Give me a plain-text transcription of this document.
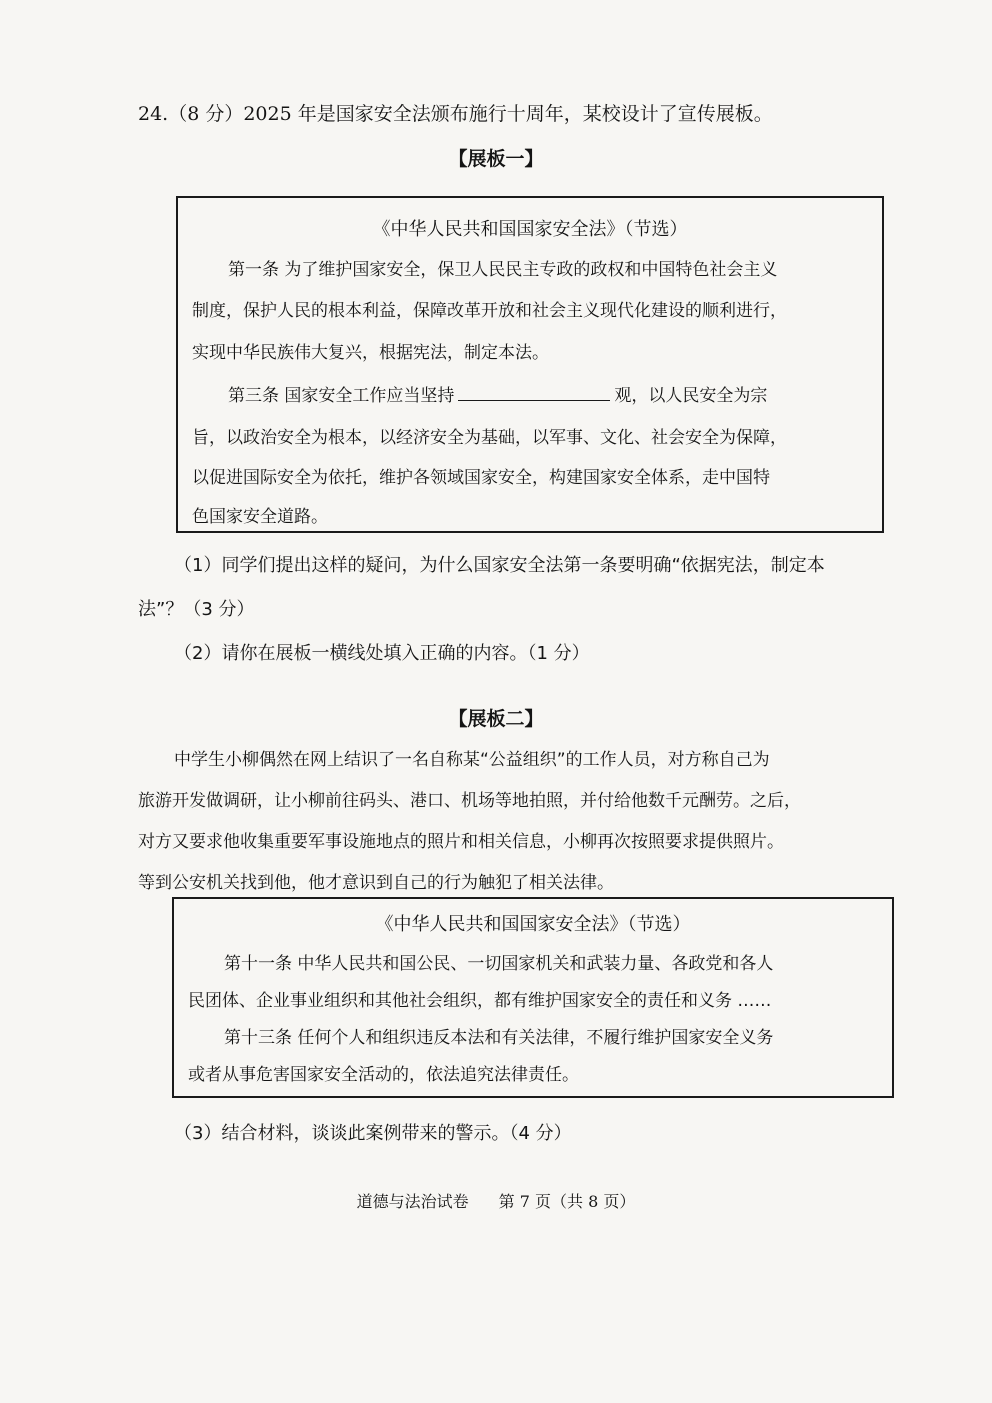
24.（8 分）2025 年是国家安全法颁布施行十周年，某校设计了宣传展板。
【展板一】
《中华人民共和国国家安全法》（节选）
第一条 为了维护国家安全，保卫人民民主专政的政权和中国特色社会主义
制度，保护人民的根本利益，保障改革开放和社会主义现代化建设的顺利进行，
实现中华民族伟大复兴，根据宪法，制定本法。
第三条 国家安全工作应当坚持	观，以人民安全为宗
旨，以政治安全为根本，以经济安全为基础，以军事、文化、社会安全为保障，
以促进国际安全为依托，维护各领域国家安全，构建国家安全体系，走中国特
色国家安全道路。
（1）同学们提出这样的疑问，为什么国家安全法第一条要明确“依据宪法，制定本
法”？（3 分）
（2）请你在展板一横线处填入正确的内容。（1 分）
【展板二】
中学生小柳偶然在网上结识了一名自称某“公益组织”的工作人员，对方称自己为
旅游开发做调研，让小柳前往码头、港口、机场等地拍照，并付给他数千元酬劳。之后，
对方又要求他收集重要军事设施地点的照片和相关信息，小柳再次按照要求提供照片。
等到公安机关找到他，他才意识到自己的行为触犯了相关法律。
《中华人民共和国国家安全法》（节选）
第十一条 中华人民共和国公民、一切国家机关和武装力量、各政党和各人
民团体、企业事业组织和其他社会组织，都有维护国家安全的责任和义务 ……
第十三条 任何个人和组织违反本法和有关法律，不履行维护国家安全义务
或者从事危害国家安全活动的，依法追究法律责任。
（3）结合材料，谈谈此案例带来的警示。（4 分）
道德与法治试卷 第 7 页（共 8 页）
